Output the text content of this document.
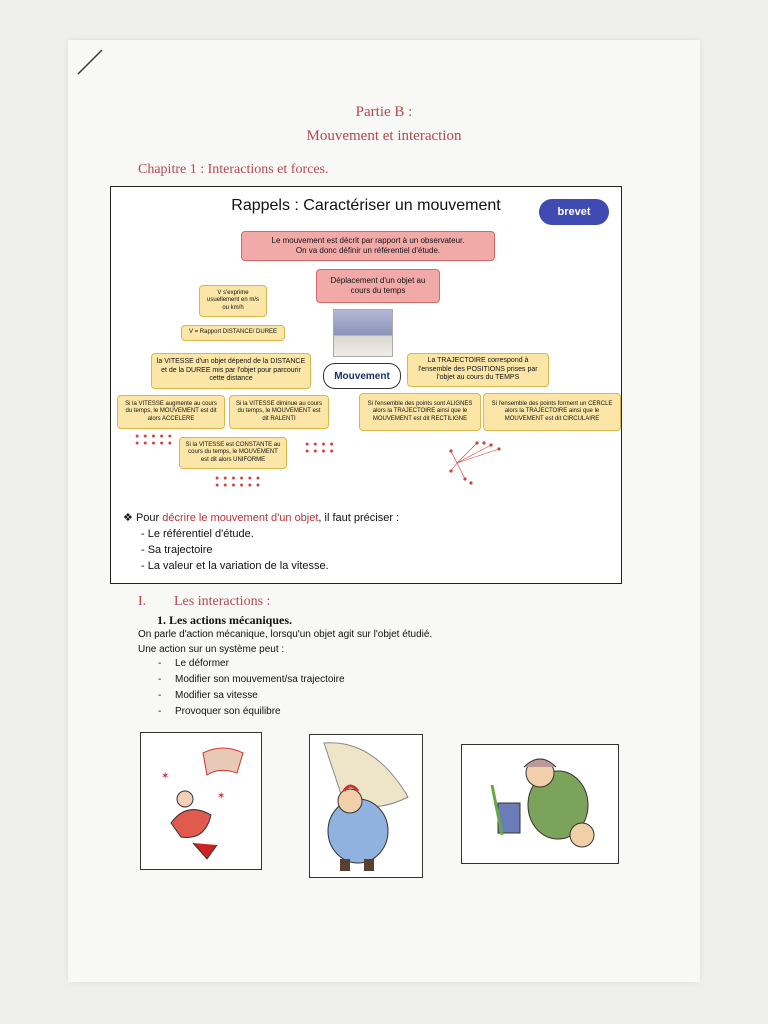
Partie B :
Mouvement et interaction
Chapitre 1 : Interactions et forces.
Rappels : Caractériser un mouvement	brevet
Le mouvement est décrit par rapport à un observateur.
On va donc définir un référentiel d'étude.
Déplacement d'un objet au cours du temps
V s'exprime usuellement en m/s ou km/h
V = Rapport DISTANCE/ DUREE
la VITESSE d'un objet dépend de la DISTANCE et de la DUREE mis par l'objet pour parcourir cette distance	Mouvement
La TRAJECTOIRE correspond à l'ensemble des POSITIONS prises par l'objet au cours du TEMPS
Si la VITESSE augmente au cours du temps, le MOUVEMENT est dit alors ACCELERE
Si la VITESSE diminue au cours du temps, le MOUVEMENT est dit RALENTI
Si l'ensemble des points sont ALIGNES alors la TRAJECTOIRE ainsi que le MOUVEMENT est dit RECTILIGNE
Si l'ensemble des points forment un CERCLE alors la TRAJECTOIRE ainsi que le MOUVEMENT est dit CIRCULAIRE
Si la VITESSE est CONSTANTE au cours du temps, le MOUVEMENT est dit alors UNIFORME
● ● ● ● ●
● ● ● ● ●	● ● ● ●
● ● ● ●
● ● ● ● ● ●
● ● ● ● ● ●
❖ Pour décrire le mouvement d'un objet, il faut préciser :
- Le référentiel d'étude.
- Sa trajectoire
- La valeur et la variation de la vitesse.
I. Les interactions :
1. Les actions mécaniques.
On parle d'action mécanique, lorsqu'un objet agit sur l'objet étudié.
Une action sur un système peut :
- Le déformer
- Modifier son mouvement/sa trajectoire
- Modifier sa vitesse
- Provoquer son équilibre
✶
✶
